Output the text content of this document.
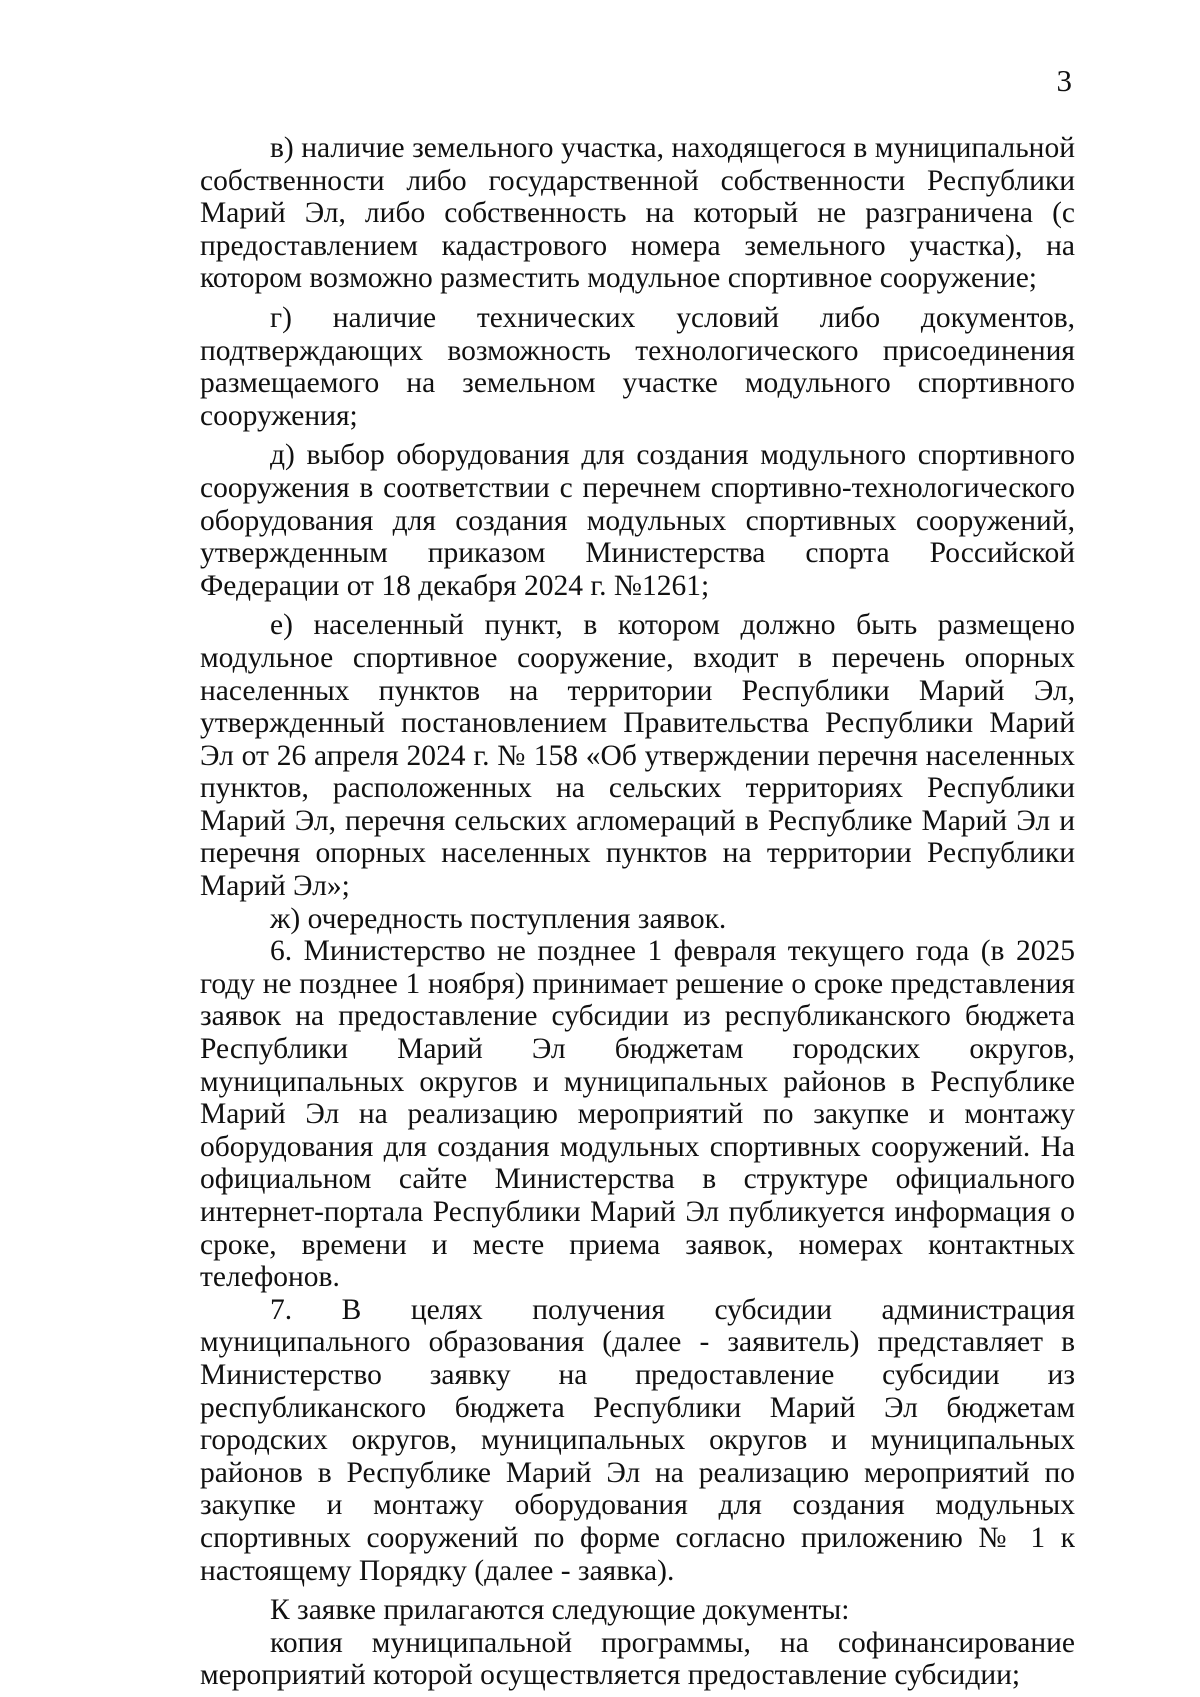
3

в) наличие земельного участка, находящегося в муниципальной собственности либо государственной собственности Республики Марий Эл, либо собственность на который не разграничена (с предоставлением кадастрового номера земельного участка), на котором возможно разместить модульное спортивное сооружение;

г) наличие технических условий либо документов, подтверждающих возможность технологического присоединения размещаемого на земельном участке модульного спортивного сооружения;

д) выбор оборудования для создания модульного спортивного сооружения в соответствии с перечнем спортивно-технологического оборудования для создания модульных спортивных сооружений, утвержденным приказом Министерства спорта Российской Федерации от 18 декабря 2024 г. №1261;

е) населенный пункт, в котором должно быть размещено модульное спортивное сооружение, входит в перечень опорных населенных пунктов на территории Республики Марий Эл, утвержденный постановлением Правительства Республики Марий Эл от 26 апреля 2024 г. № 158 «Об утверждении перечня населенных пунктов, расположенных на сельских территориях Республики Марий Эл, перечня сельских агломераций в Республике Марий Эл и перечня опорных населенных пунктов на территории Республики Марий Эл»;

ж) очередность поступления заявок.

6. Министерство не позднее 1 февраля текущего года (в 2025 году не позднее 1 ноября) принимает решение о сроке представления заявок на предоставление субсидии из республиканского бюджета Республики Марий Эл бюджетам городских округов, муниципальных округов и муниципальных районов в Республике Марий Эл на реализацию мероприятий по закупке и монтажу оборудования для создания модульных спортивных сооружений. На официальном сайте Министерства в структуре официального интернет-портала Республики Марий Эл публикуется информация о сроке, времени и месте приема заявок, номерах контактных телефонов.

7. В целях получения субсидии администрация муниципального образования (далее - заявитель) представляет в Министерство заявку на предоставление субсидии из республиканского бюджета Республики Марий Эл бюджетам городских округов, муниципальных округов и муниципальных районов в Республике Марий Эл на реализацию мероприятий по закупке и монтажу оборудования для создания модульных спортивных сооружений по форме согласно приложению № 1 к настоящему Порядку (далее - заявка).

К заявке прилагаются следующие документы:

копия муниципальной программы, на софинансирование мероприятий которой осуществляется предоставление субсидии;
